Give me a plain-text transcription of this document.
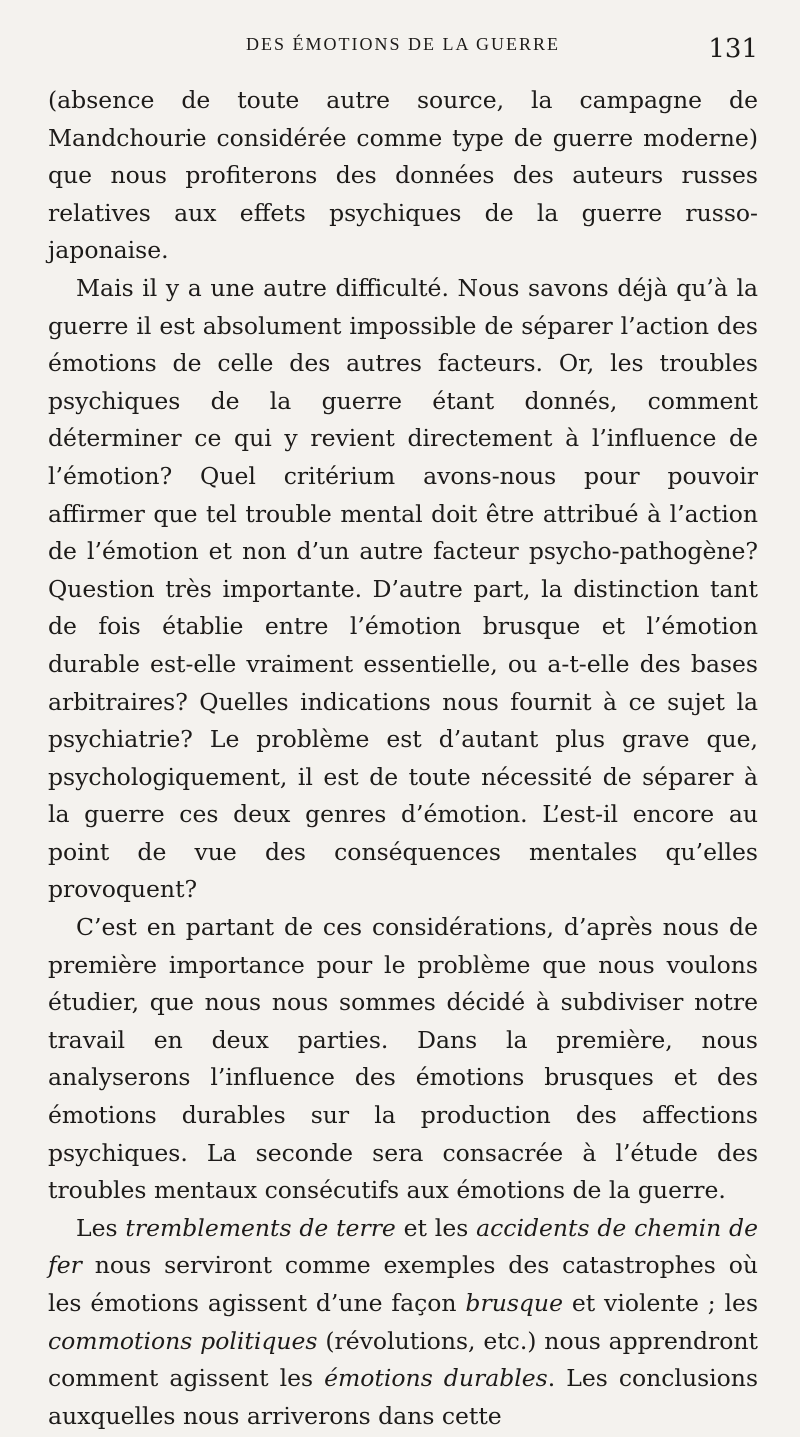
DES ÉMOTIONS DE LA GUERRE	131

(absence de toute autre source, la campagne de Mandchourie considérée comme type de guerre moderne) que nous profiterons des données des auteurs russes relatives aux effets psychiques de la guerre russo-japonaise.

Mais il y a une autre difficulté. Nous savons déjà qu’à la guerre il est absolument impossible de séparer l’action des émotions de celle des autres facteurs. Or, les troubles psychiques de la guerre étant donnés, comment déterminer ce qui y revient directement à l’influence de l’émotion? Quel critérium avons-nous pour pouvoir affirmer que tel trouble mental doit être attribué à l’action de l’émotion et non d’un autre facteur psycho-pathogène? Question très importante. D’autre part, la distinction tant de fois établie entre l’émotion brusque et l’émotion durable est-elle vraiment essentielle, ou a-t-elle des bases arbitraires? Quelles indications nous fournit à ce sujet la psychiatrie? Le problème est d’autant plus grave que, psychologiquement, il est de toute nécessité de séparer à la guerre ces deux genres d’émotion. L’est-il encore au point de vue des conséquences mentales qu’elles provoquent?

C’est en partant de ces considérations, d’après nous de première importance pour le problème que nous voulons étudier, que nous nous sommes décidé à subdiviser notre travail en deux parties. Dans la première, nous analyserons l’influence des émotions brusques et des émotions durables sur la production des affections psychiques. La seconde sera consacrée à l’étude des troubles mentaux consécutifs aux émotions de la guerre.

Les tremblements de terre et les accidents de chemin de fer nous serviront comme exemples des catastrophes où les émotions agissent d’une façon brusque et violente ; les commotions politiques (révolutions, etc.) nous apprendront comment agissent les émotions durables. Les conclusions auxquelles nous arriverons dans cette
